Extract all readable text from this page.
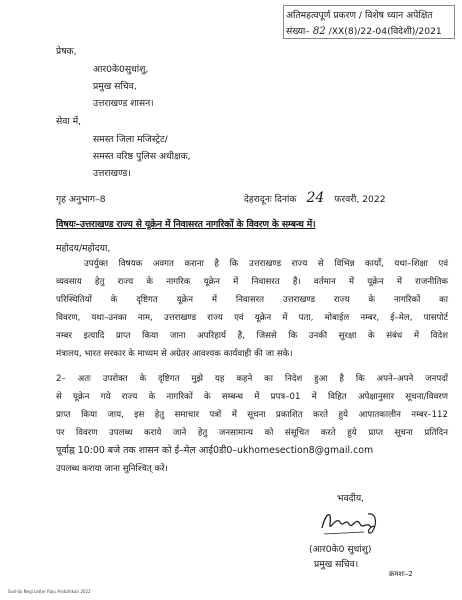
अतिमहत्वपूर्ण प्रकरण / विशेष ध्यान अपेक्षित
संख्या– 82 /XX(8)/22-04(विदेशी)/2021
प्रेषक,
आर0के0सुधांशु,
प्रमुख सचिव,
उत्तराखण्ड शासन।
सेवा में,
समस्त जिला मजिस्ट्रेट/
समस्त वरिष्ठ पुलिस अधीक्षक,
उत्तराखण्ड।
गृह अनुभाग–8	देहरादूनः दिनांक 24 फरवरी, 2022
विषयः–उत्तराखण्ड राज्य से यूक्रेन में निवासरत नागरिकों के विवरण के सम्बन्ध में।
महोदय/महोदया,
उपर्युक्त विषयक अवगत कराना है कि उत्तराखण्ड राज्य से विभिन्न कार्यों, यथा–शिक्षा एवं
व्यवसाय हेतु राज्य के नागरिक यूक्रेन में निवासरत हैं। वर्तमान में यूक्रेन में राजनीतिक
परिस्थितियों के दृष्टिगत यूक्रेन में निवासरत उत्तराखण्ड राज्य के नागरिकों का
विवरण, यथा–उनका नाम, उत्तराखण्ड राज्य एवं यूक्रेन में पता, मोबाईल नम्बर, ई–मेल, पासपोर्ट
नम्बर इत्यादि प्राप्त किया जाना अपरिहार्य है, जिससे कि उनकी सुरक्षा के संबंध में विदेश
मंत्रालय, भारत सरकार के माध्यम से अग्रेतर आवश्यक कार्यवाही की जा सके।
2– अतः उपरोक्त के दृष्टिगत मुझे यह कहने का निदेश हुआ है कि अपने–अपने जनपदों
से यूक्रेन गये राज्य के नागरिकों के सम्बन्ध में प्रपत्र–01 में विहित अपेक्षानुसार सूचना/विवरण
प्राप्त किया जाय, इस हेतु समाचार पत्रों में सूचना प्रकाशित करते हुये आपातकालीन नम्बर–112
पर विवरण उपलब्ध कराये जाने हेतु जनसामान्य को संसूचित करते हुये प्राप्त सूचना प्रतिदिन
पूर्वाह्न 10:00 बजे तक शासन को ई–मेल आई0डी0–ukhomesection8@gmail.com
उपलब्ध कराया जाना सुनिश्चित् करें।
भवदीय,
(आर0के0 सुधांशु)
प्रमुख सचिव।
क्रमशः–2
Sushila Negi Letter Raju Anduthkari 2022
